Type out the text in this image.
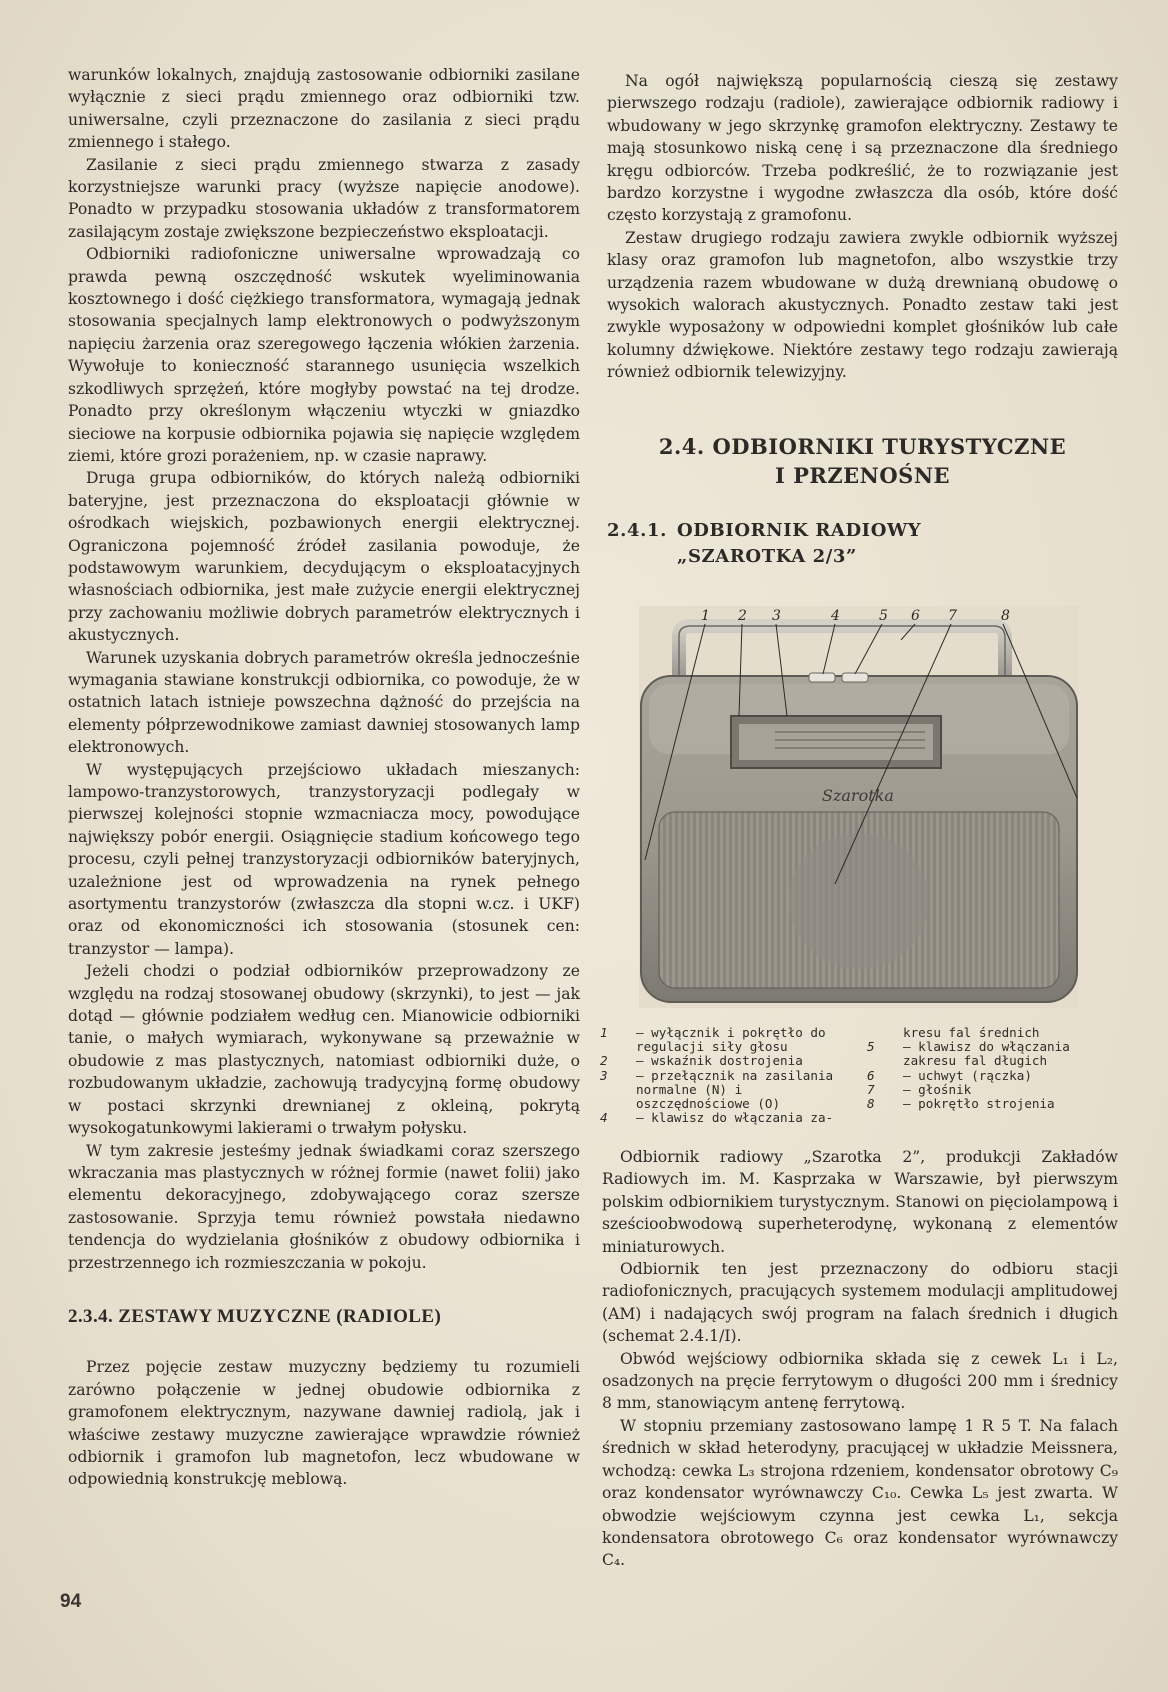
warunków lokalnych, znajdują zastosowanie odbiorniki zasilane wyłącznie z sieci prądu zmiennego oraz odbiorniki tzw. uniwersalne, czyli przeznaczone do zasilania z sieci prądu zmiennego i stałego.

Zasilanie z sieci prądu zmiennego stwarza z zasady korzystniejsze warunki pracy (wyższe napięcie anodowe). Ponadto w przypadku stosowania układów z transformatorem zasilającym zostaje zwiększone bezpieczeństwo eksploatacji.

Odbiorniki radiofoniczne uniwersalne wprowadzają co prawda pewną oszczędność wskutek wyeliminowania kosztownego i dość ciężkiego transformatora, wymagają jednak stosowania specjalnych lamp elektronowych o podwyższonym napięciu żarzenia oraz szeregowego łączenia włókien żarzenia. Wywołuje to konieczność starannego usunięcia wszelkich szkodliwych sprzężeń, które mogłyby powstać na tej drodze. Ponadto przy określonym włączeniu wtyczki w gniazdko sieciowe na korpusie odbiornika pojawia się napięcie względem ziemi, które grozi porażeniem, np. w czasie naprawy.

Druga grupa odbiorników, do których należą odbiorniki bateryjne, jest przeznaczona do eksploatacji głównie w ośrodkach wiejskich, pozbawionych energii elektrycznej. Ograniczona pojemność źródeł zasilania powoduje, że podstawowym warunkiem, decydującym o eksploatacyjnych własnościach odbiornika, jest małe zużycie energii elektrycznej przy zachowaniu możliwie dobrych parametrów elektrycznych i akustycznych.

Warunek uzyskania dobrych parametrów określa jednocześnie wymagania stawiane konstrukcji odbiornika, co powoduje, że w ostatnich latach istnieje powszechna dążność do przejścia na elementy półprzewodnikowe zamiast dawniej stosowanych lamp elektronowych.

W występujących przejściowo układach mieszanych: lampowo-tranzystorowych, tranzystoryzacji podlegały w pierwszej kolejności stopnie wzmacniacza mocy, powodujące największy pobór energii. Osiągnięcie stadium końcowego tego procesu, czyli pełnej tranzystoryzacji odbiorników bateryjnych, uzależnione jest od wprowadzenia na rynek pełnego asortymentu tranzystorów (zwłaszcza dla stopni w.cz. i UKF) oraz od ekonomiczności ich stosowania (stosunek cen: tranzystor — lampa).

Jeżeli chodzi o podział odbiorników przeprowadzony ze względu na rodzaj stosowanej obudowy (skrzynki), to jest — jak dotąd — głównie podziałem według cen. Mianowicie odbiorniki tanie, o małych wymiarach, wykonywane są przeważnie w obudowie z mas plastycznych, natomiast odbiorniki duże, o rozbudowanym układzie, zachowują tradycyjną formę obudowy w postaci skrzynki drewnianej z okleiną, pokrytą wysokogatunkowymi lakierami o trwałym połysku.

W tym zakresie jesteśmy jednak świadkami coraz szerszego wkraczania mas plastycznych w różnej formie (nawet folii) jako elementu dekoracyjnego, zdobywającego coraz szersze zastosowanie. Sprzyja temu również powstała niedawno tendencja do wydzielania głośników z obudowy odbiornika i przestrzennego ich rozmieszczania w pokoju.

2.3.4. ZESTAWY MUZYCZNE (RADIOLE)

Przez pojęcie zestaw muzyczny będziemy tu rozumieli zarówno połączenie w jednej obudowie odbiornika z gramofonem elektrycznym, nazywane dawniej radiolą, jak i właściwe zestawy muzyczne zawierające wprawdzie również odbiornik i gramofon lub magnetofon, lecz wbudowane w odpowiednią konstrukcję meblową.

Na ogół największą popularnością cieszą się zestawy pierwszego rodzaju (radiole), zawierające odbiornik radiowy i wbudowany w jego skrzynkę gramofon elektryczny. Zestawy te mają stosunkowo niską cenę i są przeznaczone dla średniego kręgu odbiorców. Trzeba podkreślić, że to rozwiązanie jest bardzo korzystne i wygodne zwłaszcza dla osób, które dość często korzystają z gramofonu.

Zestaw drugiego rodzaju zawiera zwykle odbiornik wyższej klasy oraz gramofon lub magnetofon, albo wszystkie trzy urządzenia razem wbudowane w dużą drewnianą obudowę o wysokich walorach akustycznych. Ponadto zestaw taki jest zwykle wyposażony w odpowiedni komplet głośników lub całe kolumny dźwiękowe. Niektóre zestawy tego rodzaju zawierają również odbiornik telewizyjny.

2.4. ODBIORNIKI TURYSTYCZNE
I PRZENOŚNE

2.4.1. ODBIORNIK RADIOWY
„SZAROTKA 2/3”
Szarotka
1 2 3	4	5 6 7	8
1	— wyłącznik i pokrętło do regulacji siły głosu
2	— wskaźnik dostrojenia
3	— przełącznik na zasilania normalne (N) i oszczędnościowe (O)
4	— klawisz do włączania za-
kresu fal średnich
5	— klawisz do włączania zakresu fal długich
6	— uchwyt (rączka)
7	— głośnik
8	— pokrętło strojenia

Odbiornik radiowy „Szarotka 2”, produkcji Zakładów Radiowych im. M. Kasprzaka w Warszawie, był pierwszym polskim odbiornikiem turystycznym. Stanowi on pięciolampową i sześcioobwodową superheterodynę, wykonaną z elementów miniaturowych.

Odbiornik ten jest przeznaczony do odbioru stacji radiofonicznych, pracujących systemem modulacji amplitudowej (AM) i nadających swój program na falach średnich i długich (schemat 2.4.1/I).

Obwód wejściowy odbiornika składa się z cewek L₁ i L₂, osadzonych na pręcie ferrytowym o długości 200 mm i średnicy 8 mm, stanowiącym antenę ferrytową.

W stopniu przemiany zastosowano lampę 1 R 5 T. Na falach średnich w skład heterodyny, pracującej w układzie Meissnera, wchodzą: cewka L₃ strojona rdzeniem, kondensator obrotowy C₉ oraz kondensator wyrównawczy C₁₀. Cewka L₅ jest zwarta. W obwodzie wejściowym czynna jest cewka L₁, sekcja kondensatora obrotowego C₆ oraz kondensator wyrównawczy C₄.

94
